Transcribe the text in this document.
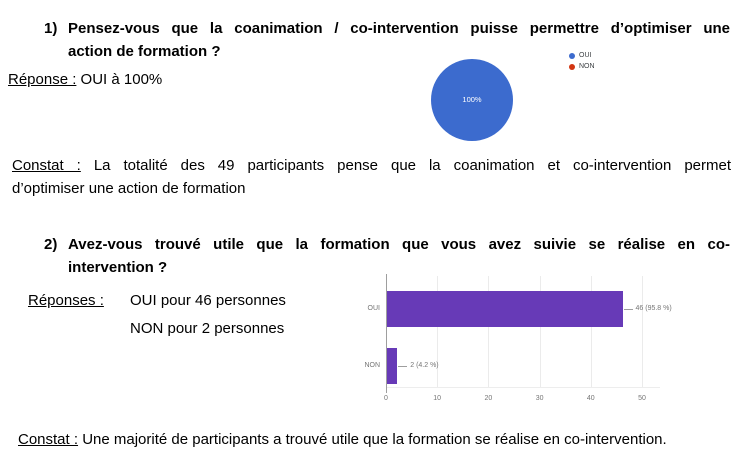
1) Pensez-vous que la coanimation / co-intervention puisse permettre d’optimiser une
action de formation ?
Réponse : OUI à 100%
100%
OUI
NON
Constat : La totalité des 49 participants pense que la coanimation et co-intervention permet
d’optimiser une action de formation
2) Avez-vous trouvé utile que la formation que vous avez suivie se réalise en co-
intervention ?
Réponses : OUI pour 46 personnes
NON pour 2 personnes
0	10	20	30	40	50
OUI	46 (95.8 %)
NON	2 (4.2 %)
Constat : Une majorité de participants a trouvé utile que la formation se réalise en co-intervention.
